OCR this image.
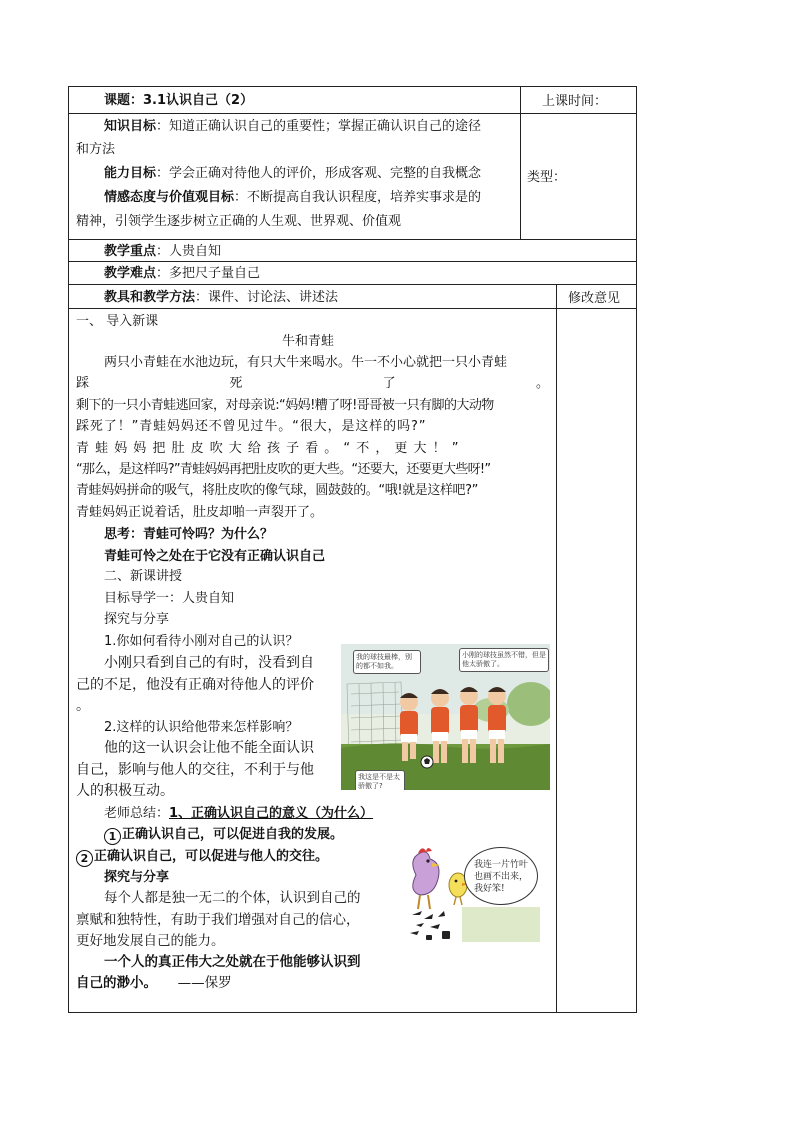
课题：3.1认识自己（2）	上课时间：
知识目标：知道正确认识自己的重要性；掌握正确认识自己的途径
和方法
能力目标：学会正确对待他人的评价，形成客观、完整的自我概念
情感态度与价值观目标：不断提高自我认识程度，培养实事求是的
精神，引领学生逐步树立正确的人生观、世界观、价值观
类型：
教学重点：人贵自知
教学难点：多把尺子量自己
教具和教学方法：课件、讨论法、讲述法	修改意见
一、 导入新课
牛和青蛙

两只小青蛙在水池边玩，有只大牛来喝水。牛一不小心就把一只小青蛙

踩死了。

剩下的一只小青蛙逃回家，对母亲说:“妈妈!糟了呀!哥哥被一只有脚的大动物

踩死了！”青蛙妈妈还不曾见过牛。“很大，是这样的吗?”

青蛙妈妈把肚皮吹大给孩子看。“不，更大！”

“那么，是这样吗?”青蛙妈妈再把肚皮吹的更大些。“还要大，还要更大些呀!”

青蛙妈妈拼命的吸气，将肚皮吹的像气球，圆鼓鼓的。“哦!就是这样吧?”

青蛙妈妈正说着话，肚皮却啪一声裂开了。

思考：青蛙可怜吗？为什么？
青蛙可怜之处在于它没有正确认识自己
二、新课讲授
目标导学一：人贵自知
探究与分享
1.你如何看待小刚对自己的认识？
小刚只看到自己的有时，没看到自
己的不足，他没有正确对待他人的评价
。
2.这样的认识给他带来怎样影响？
他的这一认识会让他不能全面认识
自己，影响与他人的交往，不利于与他
人的积极互动。
老师总结：1、正确认识自己的意义（为什么）
1 正确认识自己，可以促进自我的发展。
2 正确认识自己，可以促进与他人的交往。
探究与分享
每个人都是独一无二的个体，认识到自己的
禀赋和独特性，有助于我们增强对自己的信心，
更好地发展自己的能力。
一个人的真正伟大之处就在于他能够认识到
自己的渺小。 ——保罗
我的球技最棒，别的都不如我。
小刚的球技虽然不错，但是他太骄傲了。
我这是不是太骄傲了?
我连一片竹叶也画不出来，我好笨!
